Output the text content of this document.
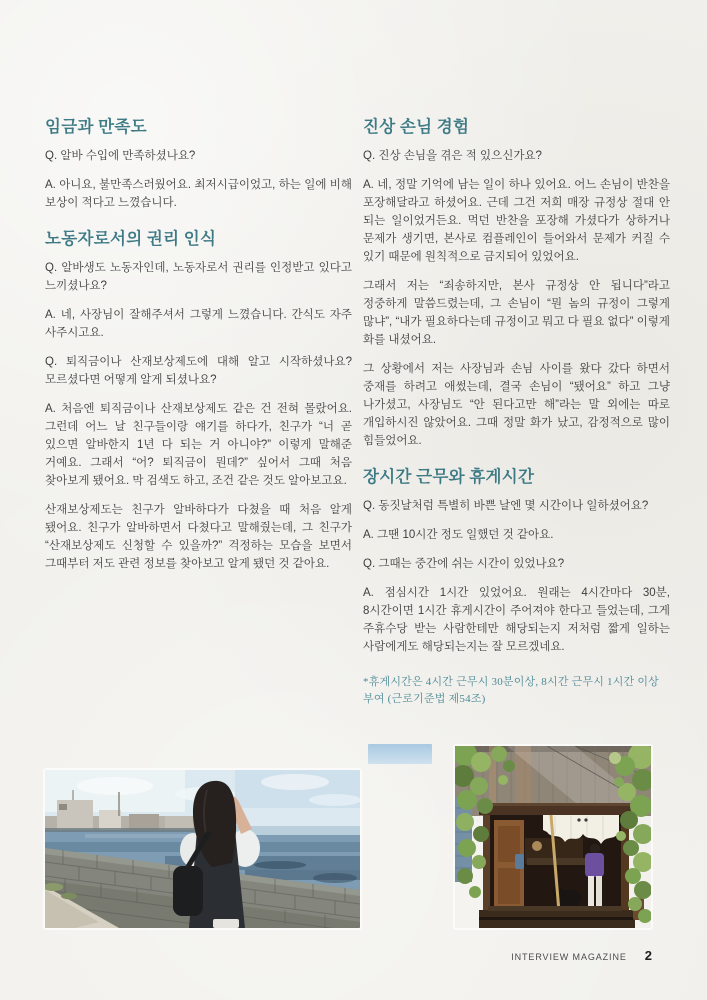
임금과 만족도
Q. 알바 수입에 만족하셨나요?
A. 아니요, 불만족스러웠어요. 최저시급이었고, 하는 일에 비해 보상이 적다고 느꼈습니다.
노동자로서의 권리 인식
Q. 알바생도 노동자인데, 노동자로서 권리를 인정받고 있다고 느끼셨나요?
A. 네, 사장님이 잘해주셔서 그렇게 느꼈습니다. 간식도 자주 사주시고요.
Q. 퇴직금이나 산재보상제도에 대해 알고 시작하셨나요? 모르셨다면 어떻게 알게 되셨나요?
A. 처음엔 퇴직금이나 산재보상제도 같은 건 전혀 몰랐어요. 그런데 어느 날 친구들이랑 얘기를 하다가, 친구가 “너 곧 있으면 알바한지 1년 다 되는 거 아니야?” 이렇게 말해준 거예요. 그래서 “어? 퇴직금이 뭔데?” 싶어서 그때 처음 찾아보게 됐어요. 막 검색도 하고, 조건 같은 것도 알아보고요.
산재보상제도는 친구가 알바하다가 다쳤을 때 처음 알게 됐어요. 친구가 알바하면서 다쳤다고 말해줬는데, 그 친구가 “산재보상제도 신청할 수 있을까?” 걱정하는 모습을 보면서 그때부터 저도 관련 정보를 찾아보고 알게 됐던 것 같아요.
진상 손님 경험
Q. 진상 손님을 겪은 적 있으신가요?
A. 네, 정말 기억에 남는 일이 하나 있어요. 어느 손님이 반찬을 포장해달라고 하셨어요. 근데 그건 저희 매장 규정상 절대 안 되는 일이었거든요. 먹던 반찬을 포장해 가셨다가 상하거나 문제가 생기면, 본사로 컴플레인이 들어와서 문제가 커질 수 있기 때문에 원칙적으로 금지되어 있었어요.
그래서 저는 “죄송하지만, 본사 규정상 안 됩니다”라고 정중하게 말씀드렸는데, 그 손님이 “뭔 놈의 규정이 그렇게 많냐”, “내가 필요하다는데 규정이고 뭐고 다 필요 없다” 이렇게 화를 내셨어요.
그 상황에서 저는 사장님과 손님 사이를 왔다 갔다 하면서 중재를 하려고 애썼는데, 결국 손님이 “됐어요” 하고 그냥 나가셨고, 사장님도 “안 된다고만 해”라는 말 외에는 따로 개입하시진 않았어요. 그때 정말 화가 났고, 감정적으로 많이 힘들었어요.
장시간 근무와 휴게시간
Q. 동짓날처럼 특별히 바쁜 날엔 몇 시간이나 일하셨어요?
A. 그땐 10시간 정도 일했던 것 같아요.
Q. 그때는 중간에 쉬는 시간이 있었나요?
A. 점심시간 1시간 있었어요. 원래는 4시간마다 30분, 8시간이면 1시간 휴게시간이 주어져야 한다고 들었는데, 그게 주휴수당 받는 사람한테만 해당되는지 저처럼 짧게 일하는 사람에게도 해당되는지는 잘 모르겠네요.
*휴게시간은 4시간 근무시 30분이상, 8시간 근무시 1시간 이상 부여 (근로기준법 제54조)
INTERVIEW MAGAZINE 2
